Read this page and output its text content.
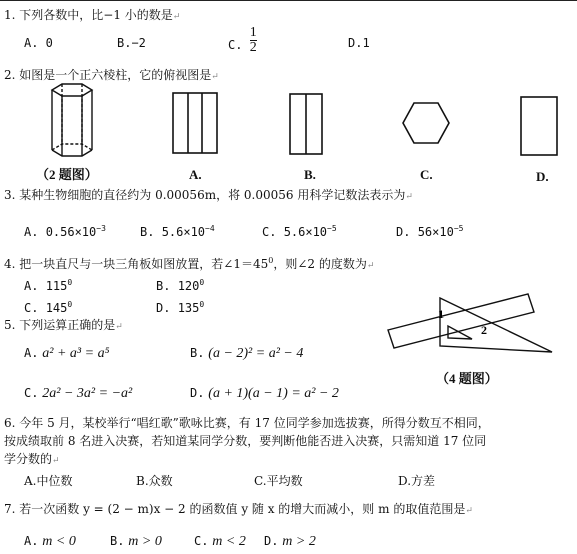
1. 下列各数中，比−1 小的数是↵
A. 0	B.−2	C. $\frac{1}{2}$	D.1
2. 如图是一个正六棱柱，它的俯视图是↵
（2 题图）	A.	B.	C.	D.
3. 某种生物细胞的直径约为 0.00056m，将 0.00056 用科学记数法表示为↵
A. $0.56\times 10^{-3}$	B. $5.6\times 10^{-4}$	C. $5.6\times 10^{-5}$	D. $56\times 10^{-5}$
4. 把一块直尺与一块三角板如图放置，若$\angle 1=45^0$，则∠2 的度数为↵
A. $115^0$	B. $120^0$
C. $145^0$	D. $135^0$
1
2
（4 题图）
5. 下列运算正确的是↵
A. a² + a³ = a⁵	B. (a − 2)² = a² − 4
C. 2a² − 3a² = −a²	D. (a + 1)(a − 1) = a² − 2
6. 今年 5 月，某校举行“唱红歌”歌咏比赛，有 17 位同学参加选拔赛，所得分数互不相同，
按成绩取前 8 名进入决赛，若知道某同学分数，要判断他能否进入决赛，只需知道 17 位同
学分数的↵
A.中位数	B.众数	C.平均数	D.方差
7. 若一次函数 y = (2 − m)x − 2 的函数值 y 随 x 的增大而减小，则 m 的取值范围是↵
A. m < 0	B. m > 0	C. m < 2 D. m > 2
